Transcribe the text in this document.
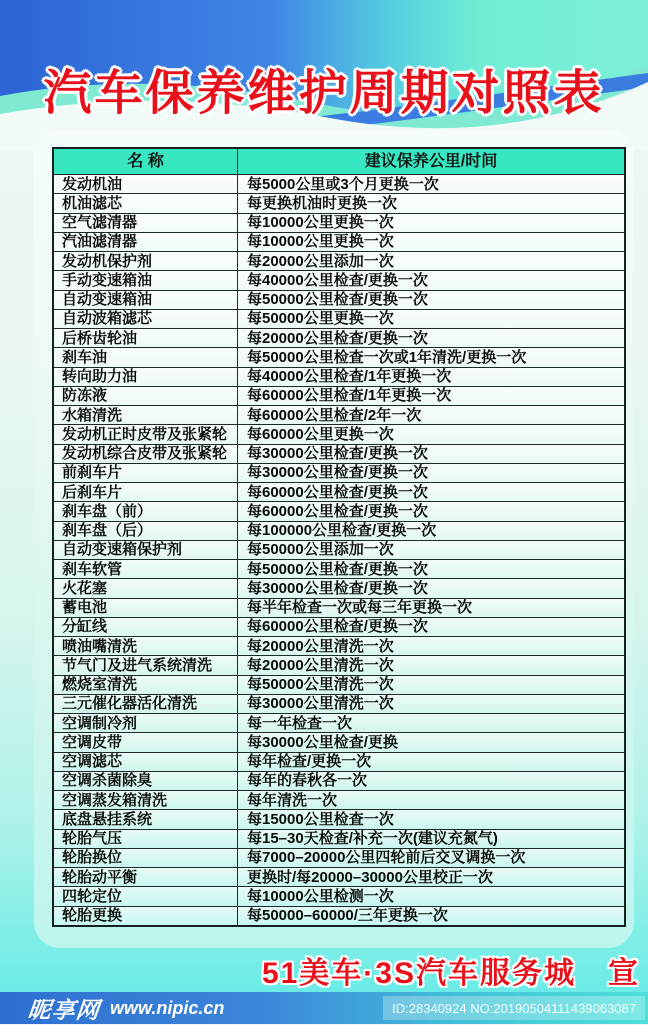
汽车保养维护周期对照表
名 称	建议保养公里/时间
发动机油	每5000公里或3个月更换一次
机油滤芯	每更换机油时更换一次
空气滤清器	每10000公里更换一次
汽油滤清器	每10000公里更换一次
发动机保护剂	每20000公里添加一次
手动变速箱油	每40000公里检查/更换一次
自动变速箱油	每50000公里检查/更换一次
自动波箱滤芯	每50000公里更换一次
后桥齿轮油	每20000公里检查/更换一次
刹车油	每50000公里检查一次或1年清洗/更换一次
转向助力油	每40000公里检查/1年更换一次
防冻液	每60000公里检查/1年更换一次
水箱清洗	每60000公里检查/2年一次
发动机正时皮带及张紧轮	每60000公里更换一次
发动机综合皮带及张紧轮	每30000公里检查/更换一次
前刹车片	每30000公里检查/更换一次
后刹车片	每60000公里检查/更换一次
刹车盘（前）	每60000公里检查/更换一次
刹车盘（后）	每100000公里检查/更换一次
自动变速箱保护剂	每50000公里添加一次
刹车软管	每50000公里检查/更换一次
火花塞	每30000公里检查/更换一次
蓄电池	每半年检查一次或每三年更换一次
分缸线	每60000公里检查/更换一次
喷油嘴清洗	每20000公里清洗一次
节气门及进气系统清洗	每20000公里清洗一次
燃烧室清洗	每50000公里清洗一次
三元催化器活化清洗	每30000公里清洗一次
空调制冷剂	每一年检查一次
空调皮带	每30000公里检查/更换
空调滤芯	每年检查/更换一次
空调杀菌除臭	每年的春秋各一次
空调蒸发箱清洗	每年清洗一次
底盘悬挂系统	每15000公里检查一次
轮胎气压	每15–30天检查/补充一次(建议充氮气)
轮胎换位	每7000–20000公里四轮前后交叉调换一次
轮胎动平衡	更换时/每20000–30000公里校正一次
四轮定位	每10000公里检测一次
轮胎更换	每50000–60000/三年更换一次
51美车·3S汽车服务城　宣
昵享网 www.nipic.cn	ID:28340924 NO:20190504111439063087
